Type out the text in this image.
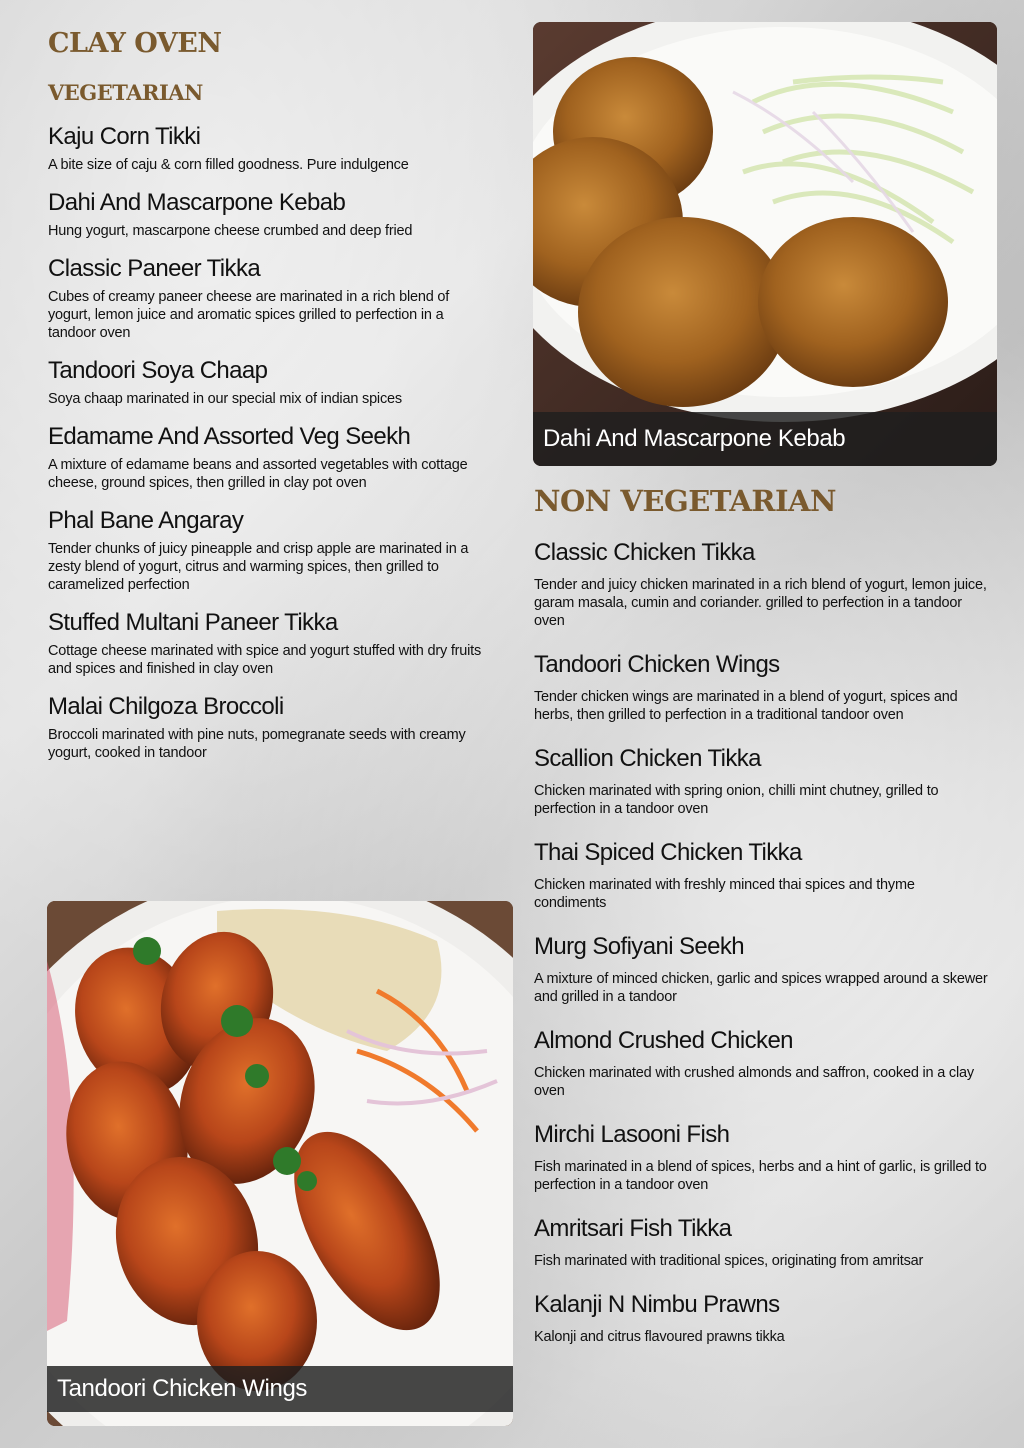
CLAY OVEN
VEGETARIAN
Kaju Corn Tikki
A bite size of caju & corn filled goodness. Pure indulgence
Dahi And Mascarpone Kebab
Hung yogurt, mascarpone cheese crumbed and deep fried
Classic Paneer Tikka
Cubes of creamy paneer cheese are marinated in a rich blend of yogurt, lemon juice and aromatic spices grilled to perfection in a tandoor oven
Tandoori Soya Chaap
Soya chaap marinated in our special mix of indian spices
Edamame And Assorted Veg Seekh
A mixture of edamame beans and assorted vegetables with cottage cheese, ground spices, then grilled in clay pot oven
Phal Bane Angaray
Tender chunks of juicy pineapple and crisp apple are marinated in a zesty blend of yogurt, citrus and warming spices, then grilled to caramelized perfection
Stuffed Multani Paneer Tikka
Cottage cheese marinated with spice and yogurt stuffed with dry fruits and spices and finished in clay oven
Malai Chilgoza Broccoli
Broccoli marinated with pine nuts, pomegranate seeds with creamy yogurt, cooked in tandoor
Dahi And Mascarpone Kebab
NON VEGETARIAN
Classic Chicken Tikka
Tender and juicy chicken marinated in a rich blend of yogurt, lemon juice, garam masala, cumin and coriander. grilled to perfection in a tandoor oven
Tandoori Chicken Wings
Tender chicken wings are marinated in a blend of yogurt, spices and herbs, then grilled to perfection in a traditional tandoor oven
Scallion Chicken Tikka
Chicken marinated with spring onion, chilli mint chutney, grilled to perfection in a tandoor oven
Thai Spiced Chicken Tikka
Chicken marinated with freshly minced thai spices and thyme condiments
Murg Sofiyani Seekh
A mixture of minced chicken, garlic and spices wrapped around a skewer and grilled in a tandoor
Almond Crushed Chicken
Chicken marinated with crushed almonds and saffron, cooked in a clay oven
Mirchi Lasooni Fish
Fish marinated in a blend of spices, herbs and a hint of garlic, is grilled to perfection in a tandoor oven
Amritsari Fish Tikka
Fish marinated with traditional spices, originating from amritsar
Kalanji N Nimbu Prawns
Kalonji and citrus flavoured prawns tikka
Tandoori Chicken Wings
